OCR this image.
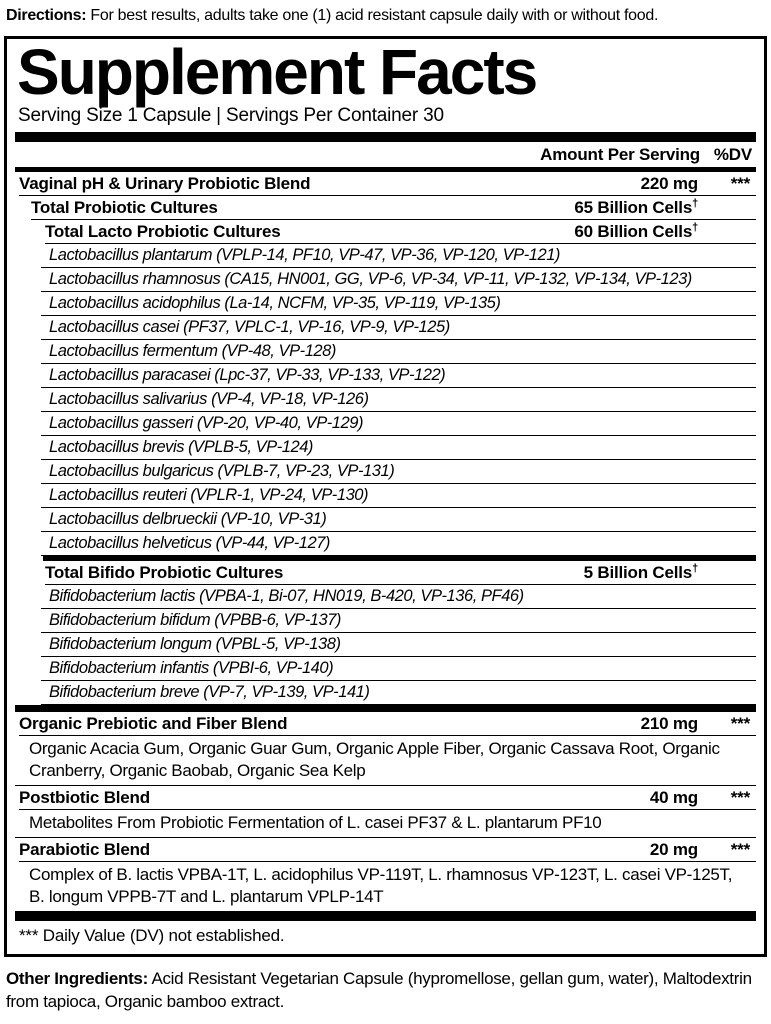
Directions: For best results, adults take one (1) acid resistant capsule daily with or without food.

Supplement Facts
Serving Size 1 Capsule | Servings Per Container 30
Amount Per Serving %DV
Vaginal pH & Urinary Probiotic Blend	220 mg	***
Total Probiotic Cultures	65 Billion Cells†
Total Lacto Probiotic Cultures	60 Billion Cells†
Lactobacillus plantarum (VPLP-14, PF10, VP-47, VP-36, VP-120, VP-121)
Lactobacillus rhamnosus (CA15, HN001, GG, VP-6, VP-34, VP-11, VP-132, VP-134, VP-123)
Lactobacillus acidophilus (La-14, NCFM, VP-35, VP-119, VP-135)
Lactobacillus casei (PF37, VPLC-1, VP-16, VP-9, VP-125)
Lactobacillus fermentum (VP-48, VP-128)
Lactobacillus paracasei (Lpc-37, VP-33, VP-133, VP-122)
Lactobacillus salivarius (VP-4, VP-18, VP-126)
Lactobacillus gasseri (VP-20, VP-40, VP-129)
Lactobacillus brevis (VPLB-5, VP-124)
Lactobacillus bulgaricus (VPLB-7, VP-23, VP-131)
Lactobacillus reuteri (VPLR-1, VP-24, VP-130)
Lactobacillus delbrueckii (VP-10, VP-31)
Lactobacillus helveticus (VP-44, VP-127)
Total Bifido Probiotic Cultures	5 Billion Cells†
Bifidobacterium lactis (VPBA-1, Bi-07, HN019, B-420, VP-136, PF46)
Bifidobacterium bifidum (VPBB-6, VP-137)
Bifidobacterium longum (VPBL-5, VP-138)
Bifidobacterium infantis (VPBI-6, VP-140)
Bifidobacterium breve (VP-7, VP-139, VP-141)
Organic Prebiotic and Fiber Blend	210 mg	***
Organic Acacia Gum, Organic Guar Gum, Organic Apple Fiber, Organic Cassava Root, Organic Cranberry, Organic Baobab, Organic Sea Kelp
Postbiotic Blend	40 mg	***
Metabolites From Probiotic Fermentation of L. casei PF37 & L. plantarum PF10
Parabiotic Blend	20 mg	***
Complex of B. lactis VPBA-1T, L. acidophilus VP-119T, L. rhamnosus VP-123T, L. casei VP-125T, B. longum VPPB-7T and L. plantarum VPLP-14T
*** Daily Value (DV) not established.

Other Ingredients: Acid Resistant Vegetarian Capsule (hypromellose, gellan gum, water), Maltodextrin from tapioca, Organic bamboo extract.
